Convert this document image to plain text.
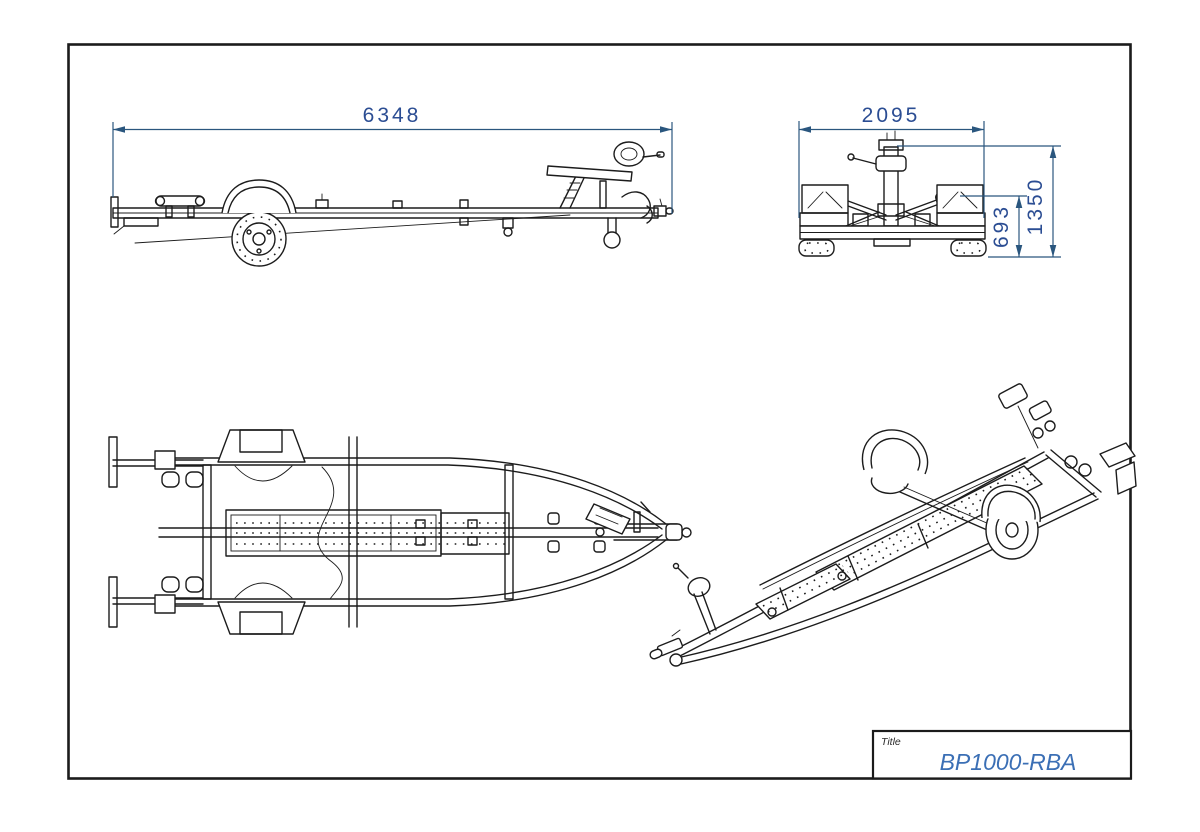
6348	2095
1350
693
Title
BP1000-RBA
